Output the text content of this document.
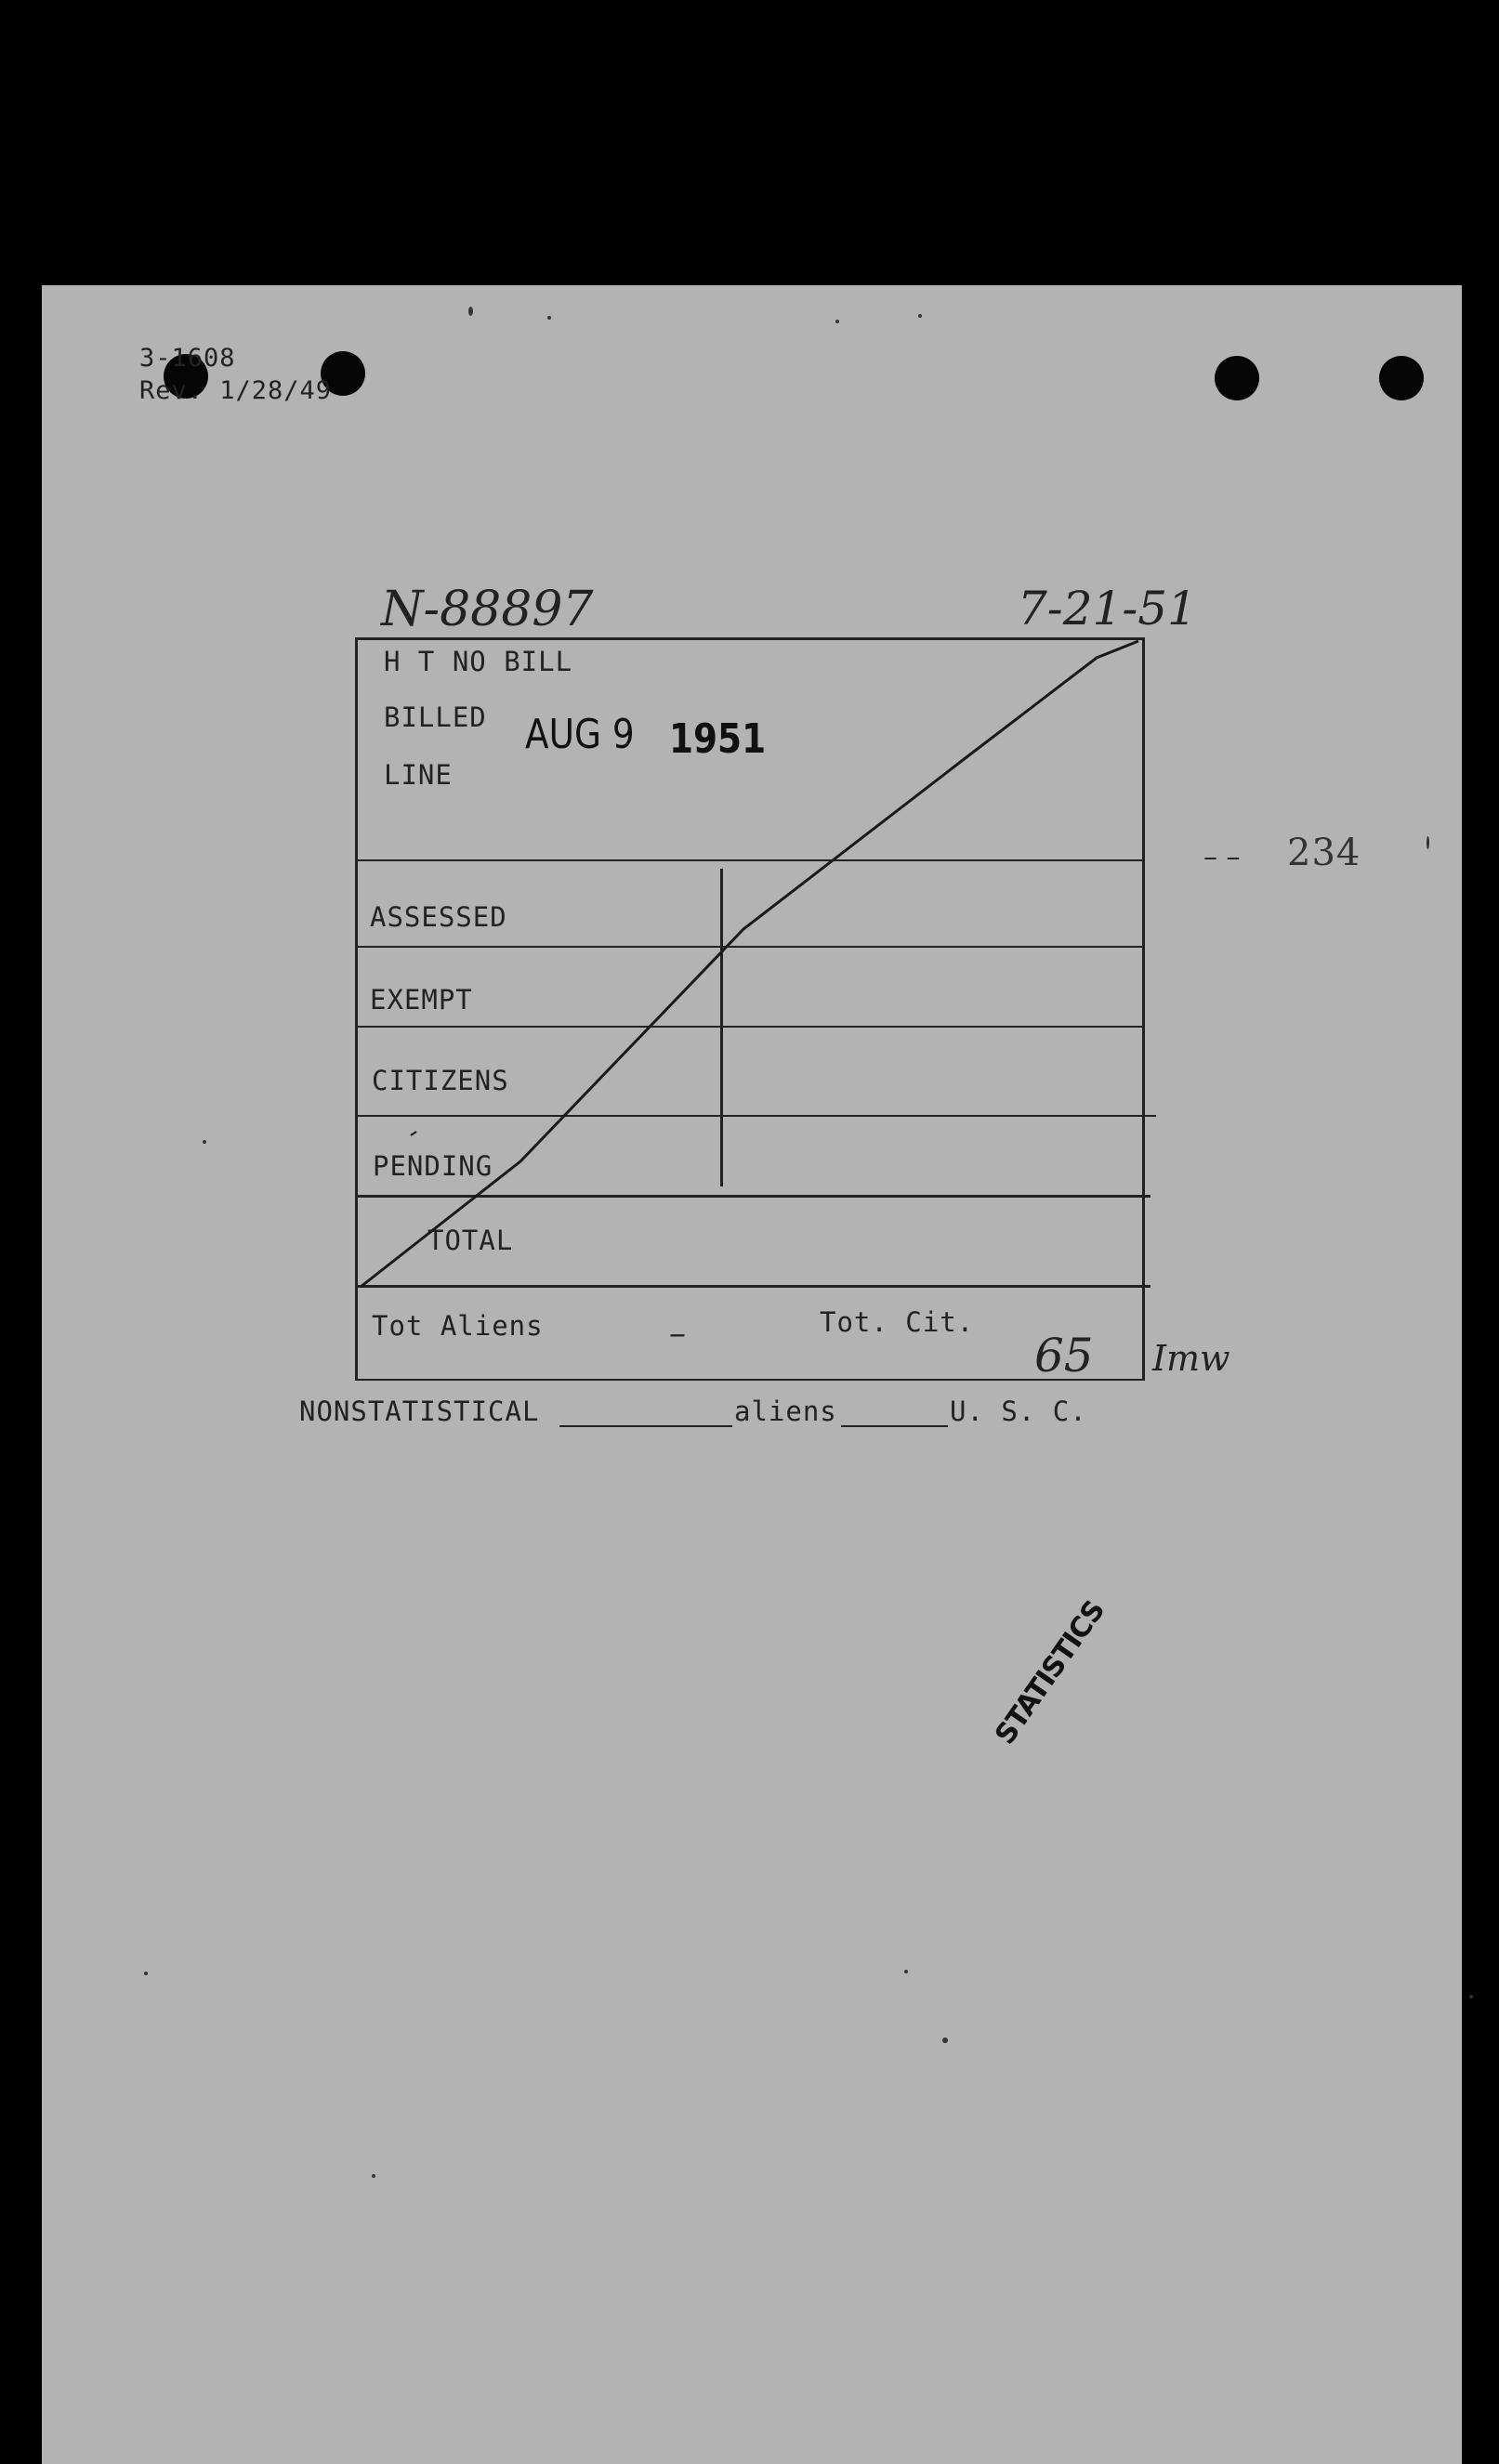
3-1608
Rev. 1/28/49
N-88897	7-21-51
H T NO BILL
BILLED
LINE
AUG 9 1951
ASSESSED
EXEMPT
CITIZENS
PENDING
TOTAL
Tot Aliens	–	Tot. Cit.
65 Imw
– – 234
NONSTATISTICAL	aliens	U. S. C.
STATISTICS
